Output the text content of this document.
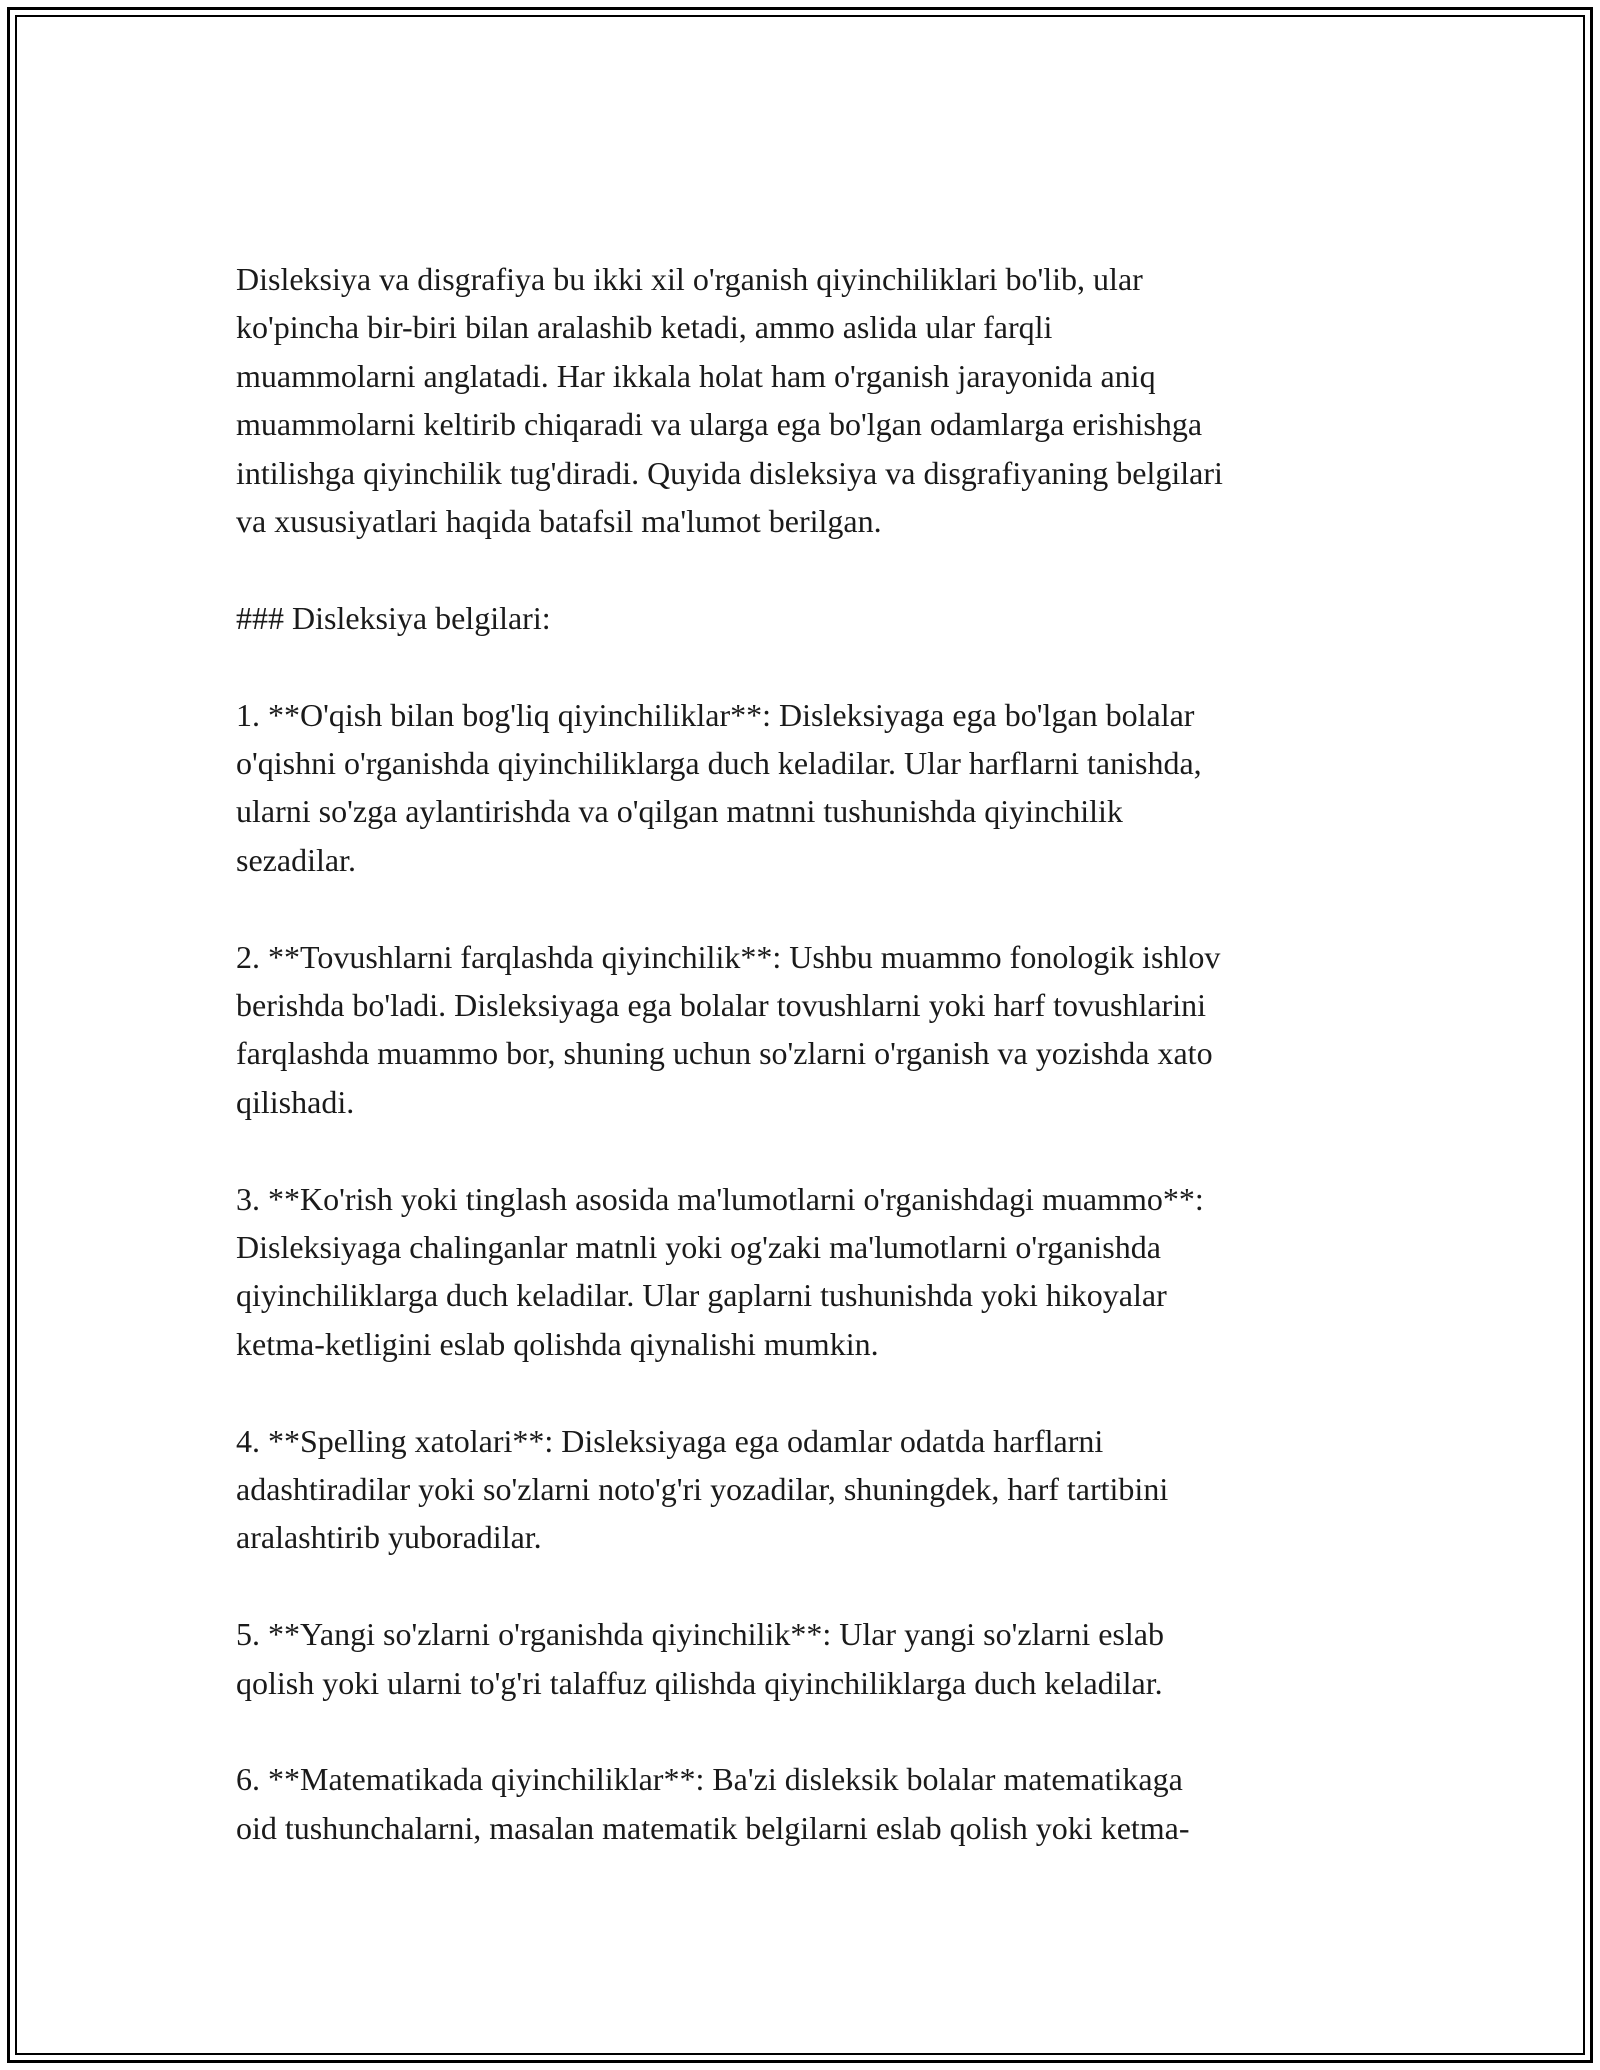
Disleksiya va disgrafiya bu ikki xil o'rganish qiyinchiliklari bo'lib, ular
ko'pincha bir-biri bilan aralashib ketadi, ammo aslida ular farqli
muammolarni anglatadi. Har ikkala holat ham o'rganish jarayonida aniq
muammolarni keltirib chiqaradi va ularga ega bo'lgan odamlarga erishishga
intilishga qiyinchilik tug'diradi. Quyida disleksiya va disgrafiyaning belgilari
va xususiyatlari haqida batafsil ma'lumot berilgan.

### Disleksiya belgilari:

1. **O'qish bilan bog'liq qiyinchiliklar**: Disleksiyaga ega bo'lgan bolalar
o'qishni o'rganishda qiyinchiliklarga duch keladilar. Ular harflarni tanishda,
ularni so'zga aylantirishda va o'qilgan matnni tushunishda qiyinchilik
sezadilar.

2. **Tovushlarni farqlashda qiyinchilik**: Ushbu muammo fonologik ishlov
berishda bo'ladi. Disleksiyaga ega bolalar tovushlarni yoki harf tovushlarini
farqlashda muammo bor, shuning uchun so'zlarni o'rganish va yozishda xato
qilishadi.

3. **Ko'rish yoki tinglash asosida ma'lumotlarni o'rganishdagi muammo**:
Disleksiyaga chalinganlar matnli yoki og'zaki ma'lumotlarni o'rganishda
qiyinchiliklarga duch keladilar. Ular gaplarni tushunishda yoki hikoyalar
ketma-ketligini eslab qolishda qiynalishi mumkin.

4. **Spelling xatolari**: Disleksiyaga ega odamlar odatda harflarni
adashtiradilar yoki so'zlarni noto'g'ri yozadilar, shuningdek, harf tartibini
aralashtirib yuboradilar.

5. **Yangi so'zlarni o'rganishda qiyinchilik**: Ular yangi so'zlarni eslab
qolish yoki ularni to'g'ri talaffuz qilishda qiyinchiliklarga duch keladilar.

6. **Matematikada qiyinchiliklar**: Ba'zi disleksik bolalar matematikaga
oid tushunchalarni, masalan matematik belgilarni eslab qolish yoki ketma-
